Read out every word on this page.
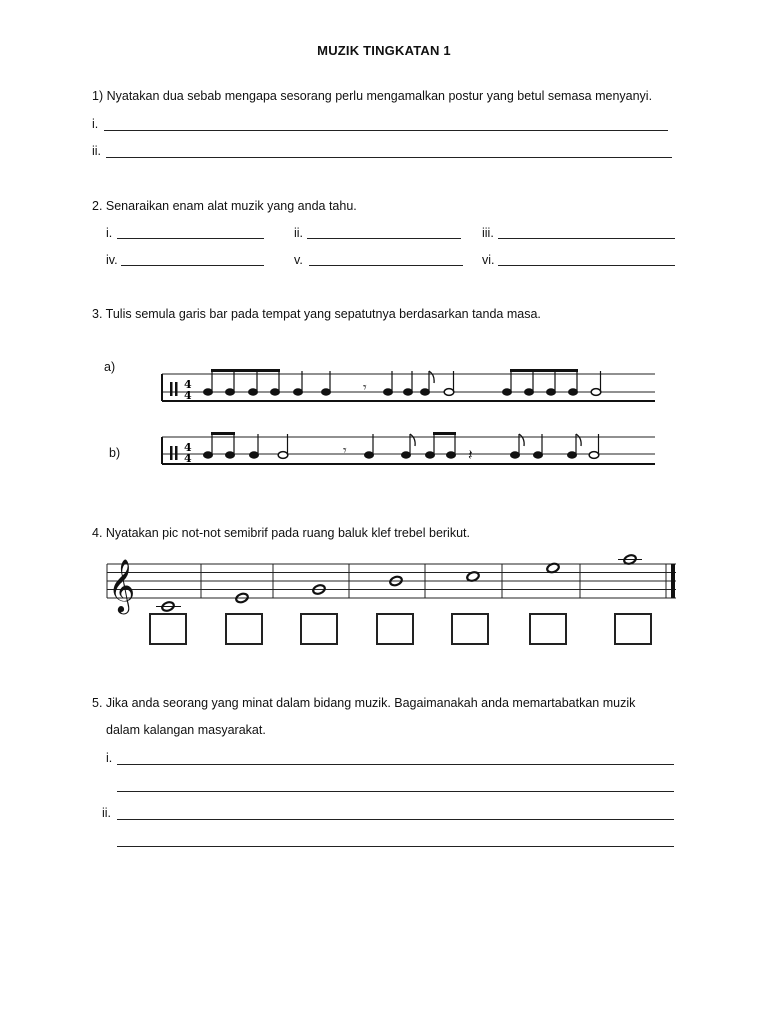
MUZIK TINGKATAN 1
1) Nyatakan dua sebab mengapa sesorang perlu mengamalkan postur yang betul semasa menyanyi.
i.
ii.
2. Senaraikan enam alat muzik yang anda tahu.
i.	ii.	iii.
iv.	v.	vi.
3. Tulis semula garis bar pada tempat yang sepatutnya berdasarkan tanda masa.
a)
b)
4
4	𝄾
4
4	𝄾	𝄽
4. Nyatakan pic not-not semibrif pada ruang baluk klef trebel berikut.
𝄞
5. Jika anda seorang yang minat dalam bidang muzik. Bagaimanakah anda memartabatkan muzik
dalam kalangan masyarakat.
i.
ii.
